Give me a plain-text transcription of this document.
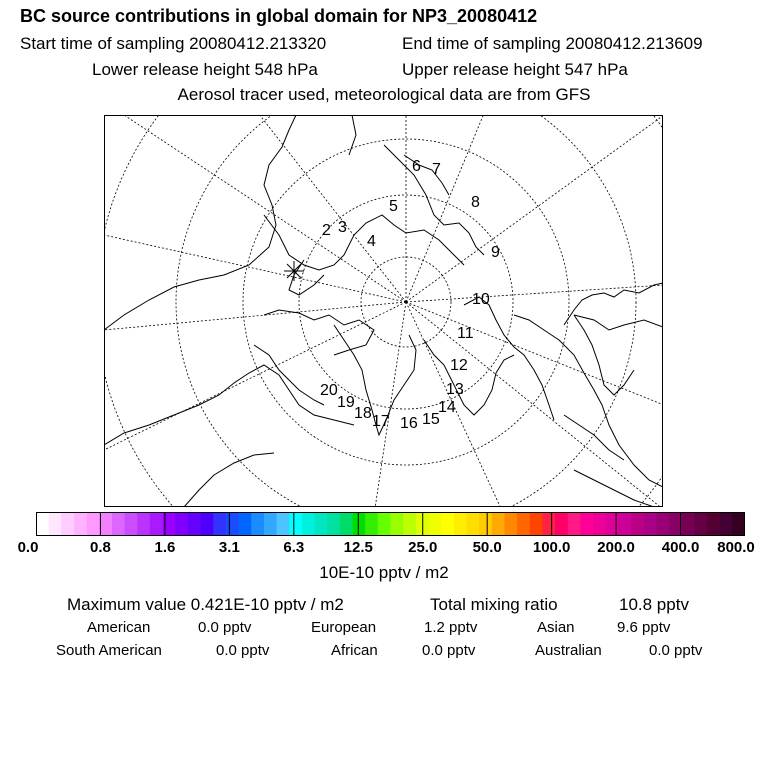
BC source contributions in global domain for NP3_20080412
Start time of sampling 20080412.213320	End time of sampling 20080412.213609
Lower release height 548 hPa	Upper release height 547 hPa
Aerosol tracer used, meteorological data are from GFS
2 3
4
5
6 7
8
9
10
11
12
13
14
15
16
17
18
19
20
0.0	0.8	1.6	3.1	6.3	12.5 25.0 50.0 100.0 200.0 400.0 800.0
10E-10 pptv / m2
Maximum value 0.421E-10 pptv / m2	Total mixing ratio	10.8 pptv
American	0.0 pptv	European	1.2 pptv	Asian	9.6 pptv
South American	0.0 pptv	African	0.0 pptv	Australian	0.0 pptv
